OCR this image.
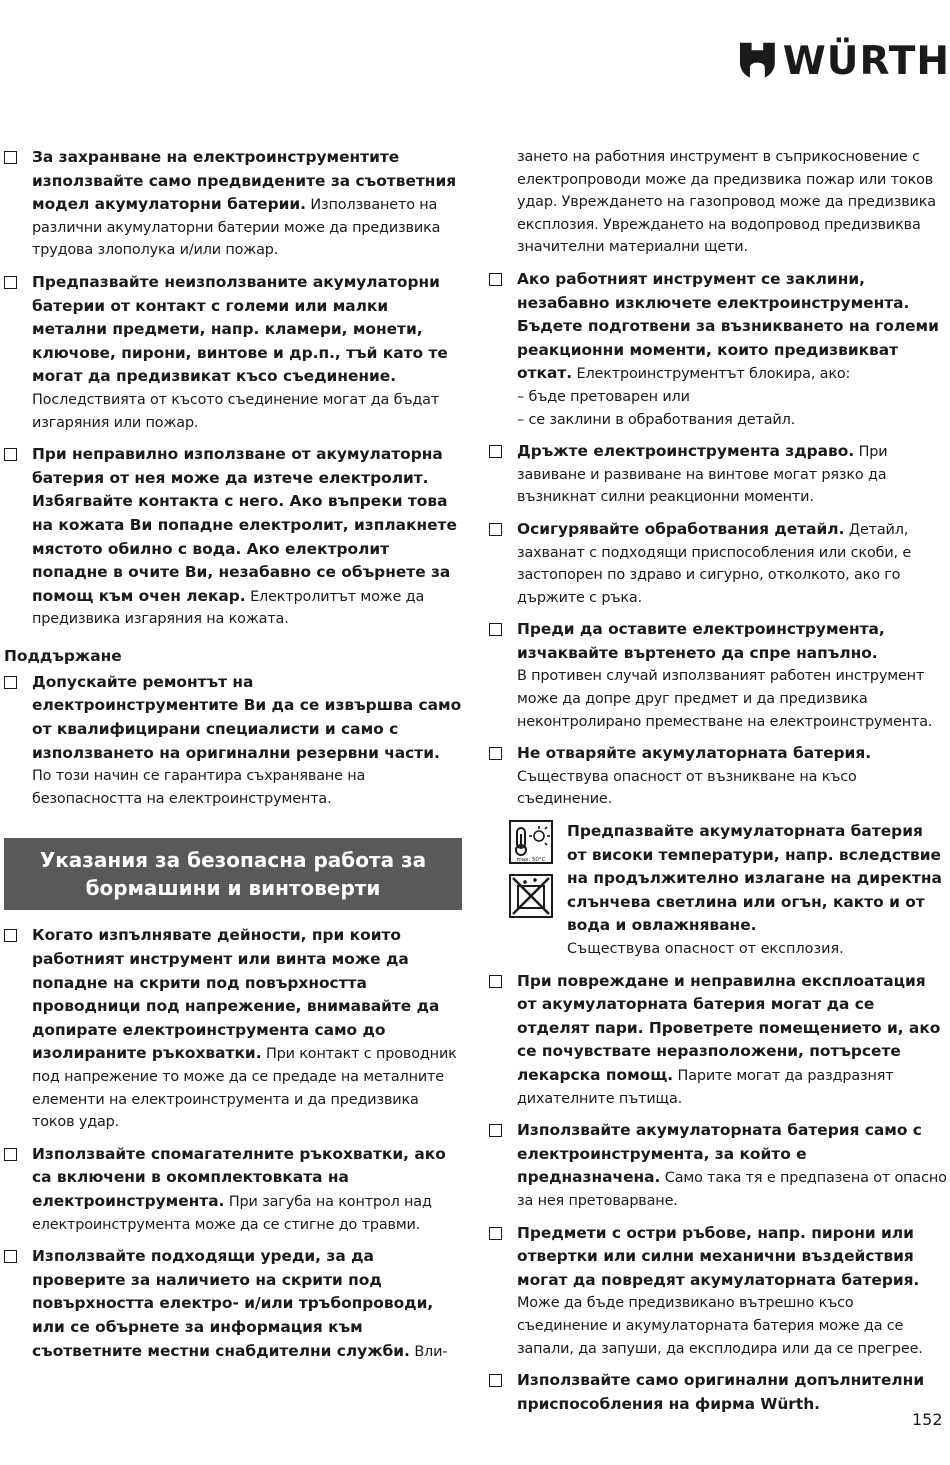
WÜRTH
За захранване на електроинструментите използвайте само предвидените за съответния модел акумулаторни батерии. Използването на различни акумулаторни батерии може да предизвика трудова злополука и/или пожар.
Предпазвайте неизползваните акумулаторни батерии от контакт с големи или малки метални предмети, напр. кламери, монети, ключове, пирони, винтове и др.п., тъй като те могат да предизвикат късо съединение. Последствията от късото съединение могат да бъдат изгаряния или пожар.
При неправилно използване от акумулаторна батерия от нея може да изтече електролит. Избягвайте контакта с него. Ако въпреки това на кожата Ви попадне електролит, изплакнете мястото обилно с вода. Ако електролит попадне в очите Ви, незабавно се обърнете за помощ към очен лекар. Електролитът може да предизвика изгаряния на кожата.
Поддържане
Допускайте ремонтът на електроинструментите Ви да се извършва само от квалифицирани специалисти и само с използването на оригинални резервни части. По този начин се гарантира съхраняване на безопасността на електроинструмента.
Указания за безопасна работа за бормашини и винтоверти
Когато изпълнявате дейности, при които работният инструмент или винта може да попадне на скрити под повърхността проводници под напрежение, внимавайте да допирате електроинструмента само до изолираните ръкохватки. При контакт с проводник под напрежение то може да се предаде на металните елементи на електроинструмента и да предизвика токов удар.
Използвайте спомагателните ръкохватки, ако са включени в окомплектовката на електроинструмента. При загуба на контрол над електроинструмента може да се стигне до травми.
Използвайте подходящи уреди, за да проверите за наличието на скрити под повърхността електро- и/или тръбопроводи, или се обърнете за информация към съответните местни снабдителни служби. Вли-
зането на работния инструмент в съприкосновение с електропроводи може да предизвика пожар или токов удар. Увреждането на газопровод може да предизвика експлозия. Увреждането на водопровод предизвиква значителни материални щети.
Ако работният инструмент се заклини, незабавно изключете електроинструмента. Бъдете подготвени за възникването на големи реакционни моменти, които предизвикват откат. Електроинструментът блокира, ако:
– бъде претоварен или
– се заклини в обработвания детайл.
Дръжте електроинструмента здраво. При завиване и развиване на винтове могат рязко да възникнат силни реакционни моменти.
Осигурявайте обработвания детайл. Детайл, захванат с подходящи приспособления или скоби, е застопорен по здраво и сигурно, отколкото, ако го държите с ръка.
Преди да оставите електроинструмента, изчаквайте въртенето да спре напълно.
В противен случай използваният работен инструмент може да допре друг предмет и да предизвика неконтролирано преместване на електроинструмента.
Не отваряйте акумулаторната батерия. Съществува опасност от възникване на късо съединение.
max. 50°C
Предпазвайте акумулаторната батерия от високи температури, напр. вследствие на продължително излагане на директна слънчева светлина или огън, както и от вода и овлажняване.
Съществува опасност от експлозия.
При повреждане и неправилна експлоатация от акумулаторната батерия могат да се отделят пари. Проветрете помещението и, ако се почувствате неразположени, потърсете лекарска помощ. Парите могат да раздразнят дихателните пътища.
Използвайте акумулаторната батерия само с електроинструмента, за който е предназначена. Само така тя е предпазена от опасно за нея претоварване.
Предмети с остри ръбове, напр. пирони или отвертки или силни механични въздействия могат да повредят акумулаторната батерия. Може да бъде предизвикано вътрешно късо съединение и акумулаторната батерия може да се запали, да запуши, да експлодира или да се прегрее.
Използвайте само оригинални допълнителни приспособления на фирма Würth.
152
